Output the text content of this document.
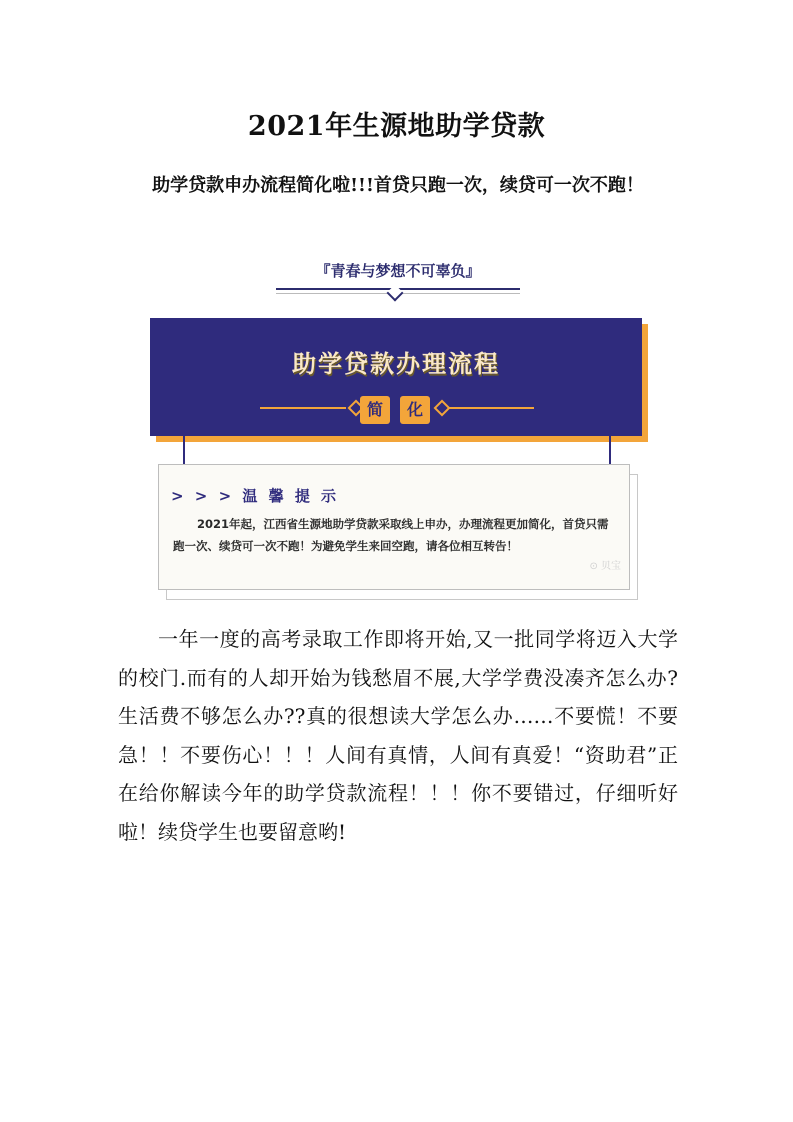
2021年生源地助学贷款
助学贷款申办流程简化啦!!!首贷只跑一次，续贷可一次不跑！
『青春与梦想不可辜负』
助学贷款办理流程
简	化
> > > 温 馨 提 示
2021年起，江西省生源地助学贷款采取线上申办，办理流程更加简化，首贷只需跑一次、续贷可一次不跑！为避免学生来回空跑，请各位相互转告！
⊙ 贝宝
一年一度的高考录取工作即将开始,又一批同学将迈入大学的校门.而有的人却开始为钱愁眉不展,大学学费没凑齐怎么办?生活费不够怎么办??真的很想读大学怎么办……不要慌！不要急！！不要伤心！！！人间有真情，人间有真爱！“资助君”正在给你解读今年的助学贷款流程！！！你不要错过，仔细听好啦！续贷学生也要留意哟!
